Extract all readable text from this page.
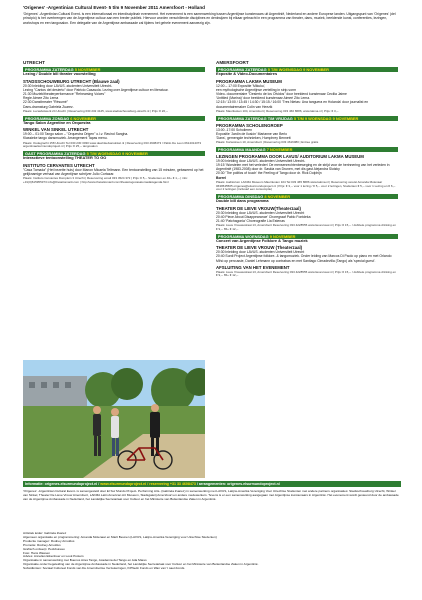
'Origenes' -Argentinian Cultural Event- 5 t/m 9 November 2011 Amersfoort - Holland
'Orígenes' -Argentinian Cultural Event- is een internationaal en interdisciplinair evenement. Het evenement is een samenwerking tussen Argentijnse kunstenaars uit Argentinië, Nederland en andere Europese landen. Uitgangspunt van 'Orígenes' (del principio) is het overbrengen van de Argentijnse cultuur aan een breder publiek. Hiervoor worden verschillende disciplines en denkwijzen bij elkaar gebracht in een programma van theater, dans, muziek, beeldende kunst, conferenties, lezingen, workshops en een tangosalon. Een delegatie van de Argentijnse ambassade zal tijdens het gehele evenement aanwezig zijn.
UTRECHT
PROGRAMMA ZATERDAG 5 NOVEMBER
Lezing / Double bill theater voorstelling
STADSSCHOUWBURG UTRECHT (Blauwe zaal)
20:30 Inleiding door LAVUS -studenten Universiteit Utrecht-
Lezing "Cantos del desierto" door Patricio Casasola. Lezing over Argentijnse cultuur en literatuur.
21:30 Muziek/theaterperformance "Rehearsing Voices"
Regie Aimee Zito Lema
22:30 Dansthreater "Résumé"
Dans-dramaturg Gabriela Zuarez.
Plaats: Lucasbolwerk 24 Utrecht | Reservering 030 232 4125, www.stadsschouwburg-utrecht.nl | Prijs: € 20,--
PROGRAMMA ZONDAG 6 NOVEMBER
Tango Salon Argentine en Orquestra
WINKEL VAN SINKEL UTRECHT
19:00 – 01:00 Tango salon – "Orquestra Origen" o.l.v. Ravind Sangha.
Klassieke tango dansmuziek. Arrangement Tapas menu.
Plaats: Oudegracht 158 Utrecht Tel 030 230 3030 www.dewinkelvansinkel.nl | Reservering 033 4608473 / Pablo De Leon 0614314373 argentinaelsurmundoproject.nl | Prijs: € 25,-- tangosalon
GAST PROGRAMMA ZATERDAG 5 T/M WOENSDAG 9 NOVEMBER
Interactieve tentoonstelling THEATER TO GO
INSTITUTO CERVANTES UTRECHT
"Casa Tomada" (Het bezette huis) door Manon Micaela Teltmann. Een tentoonstelling van 15 minuten, gebaseerd op het gelijknamige verhaal van Argentijnse schrijver Julio Cortazar.
Plaats: Instituto Cervantes Domplein 3 Utrecht | Reservering email 033 4524 372 | Prijs: € 5,-- Studenten en 40+ € 1,-- | info: +31(0)615955373 info@thetattomanli.com | http://www.thetattomanli.com/theatotogocasatomada/agenda.html
AMERSFOORT
PROGRAMMA ZATERDAG 5 T/M WOENSDAG 9 NOVEMBER
Exposite & Video-Documentaires
PROGRAMMA LAKMA MUSEUM
12:00 – 17:00 Expositie 'Mikuku',
een mythologische Argentijnse vertelling in strip-vorm
Video- documentaire "Desierto de los Olvidos" door beeldend kunstenaar Cecilia Jaime
'Untitled (Marina)' door beeldend kunstenaar Aimeé Zito Lema.
12:15 / 13:00 / 13:45 / 14:30 / 15:15 / 16:00 'Tres Nietas: Una tanguera en Holanda' door journalist en documentairemaker Colin van Heezik
Plaats: Mauritusten 104, Amersfoort | Reservering 033 460 8686, www.lakma.nl | Prijs: € 3,--
PROGRAMMA ZATERDAG T/M VRIJDAG 5 T/M 9 WOENSDAG 9 NOVEMBER
PROGRAMMA SCHOLENGROEP
13:00 -17:00 Scholieren
Expositie 'Jardin de Ilusión' Marianne van Berlo
'Dans', gemengde technieken, Humphrey Bennett
Plaats: Kortestreen 10, Amersfoort | Reservering 033 4616080 | Entree gratis
PROGRAMMA MAANDAG 7 NOVEMBER
LEZINGEN PROGRAMMA DOOR LAVUS/ AUDITORIUM LAKMA MUSEUM
19:00 Inleiding door LAVUS -studenten Universiteit Utrecht-
19:15 'Worstelen met het verleden' De mensenrechtenbeweging en de strijd voor de herinnering van het verleden in Argentinië (1983-2008) door dr. Saskia van Drunen, met dis gast Alejandra Slutzky
20:30 'The politics of touch' the Feeling of Tango door dr. Rick Dolphijn
Borrel
Plaats: Auditorium LAKMA Museum Mauritusten 104 Tel 033 465 8686 www.lakma.nl | Reservering vereist Amanda Molenaar 0639545505 origenes@elsurmundoproject.nl | Prijs: € 3,-- voor 1 lezing / € 5,-- voor 2 lezingen, Studenten € 5,-- voor 1 Lezing en € 6,-- voor 2 lezingen (inclusief een consumptie)
PROGRAMMA DINSDAG 8 NOVEMBER
Double bill dans programma
THEATER DE LIEVE VROUW(Theaterzaal)
20:30 Inleiding door LAVUS -studenten Universiteit Utrecht
20:40 Piece About Disappearance' Choregraaf Pablo Fontdeka
21:40 'Patchagonia' Choreografie Lia Estenas
Plaats: Lieve Vrouwestraat 13, Amersfoort Reservering 033 4228555 www.lievevrouw.nl | Prijs: € 15,-- / dubbele programma drinking en € 9,-- 65+ € 12,--
PROGRAMMA WOENSDAG 9 NOVEMBER
Concert van Argentijnse Folklore & Tango muziek
THEATER DE LIEVE VROUW (Theaterzaal)
20:30 Inleiding door LAVUS -studenten Universiteit Utrecht
20:40 Surdi Project Argentijnse folklore- & tangomuziek. Onder leiding van Marcos Di Paolo op piano en met Orlando Mihó op percussie, Daniel Lehmann op contrabas en met Santiago Cimadevilla (Tango) als 'special guest'.
AFSLUITING VAN HET EVENEMENT
Plaats: Lieve Vrouwestraat 13, Amersfoort Reservering 033 4228555 www.lievevrouw.nl | Prijs: € 15,-- / dubbele programma drinking en € 9,-- 65+ € 12,--
Informatie: origenes.elsurmundoproject.nl / www.elsurmundoproject.nl / reservering +31 33 4608473 / arrangementen: origenes.elsurmundoproject.nl
'Orígenes' -Argentinian Cultural Event- is samengesteld door El Sur Mundo Project- Performing Arts- (Gabriela Zuarez) in samenwerking met LAVUS, Latijns-Amerika Vereniging Voor Utrechtse Studenten met andere partners organisaties: Stadsschouwburg Utrecht, Winkel van Sinkel, Theater De Lieve Vrouw Amersfoort, LAKMA Latin American Art Museum, Stadsgalerij Amersfoort en andere medewerkers. Tevens is er een samenwerking aangegaan met Argentijnse kunstenaars in Argentinië. Het evenement wordt gesteund door de ambassade van de Argentijnse Ambassade in Nederland, het Landelijke Secretariaat voor Cultuur en het Ministerie van Buitenlandse Zaken in Argentinië.
Artistiek leider: Gabriela Zuarez
Algemeen organisatie en programmering: Amanda Molenaar en Marit Beunen (LAVUS, Latijns-Amerika Vereniging voor Utrechtse Studenten)
Productie manager: Rodney Arnoldus
Promotie: Rodney Arnoldus
Grafisch ontwerp: Peckbureau
Foto: Hans Wassen
Advies: Annelies Eikenboer en Look Posters
Organisatie in samenwerking met Buenos Aires Tango, Academia del Tango en Ada Mares
Organisatie onder begeleiding van de Argentijnse Ambassade in Nederland, het Landelijke Secretariaat voor Cultuur en het Ministerie van Buitenlandse Zaken in Argentinië.
Subsidiënten: Sociaal Cultureel Fonds van De Amersfoortse Verzekeringen, KPNedn Fonds en Wan van 't sael-Fonds.
